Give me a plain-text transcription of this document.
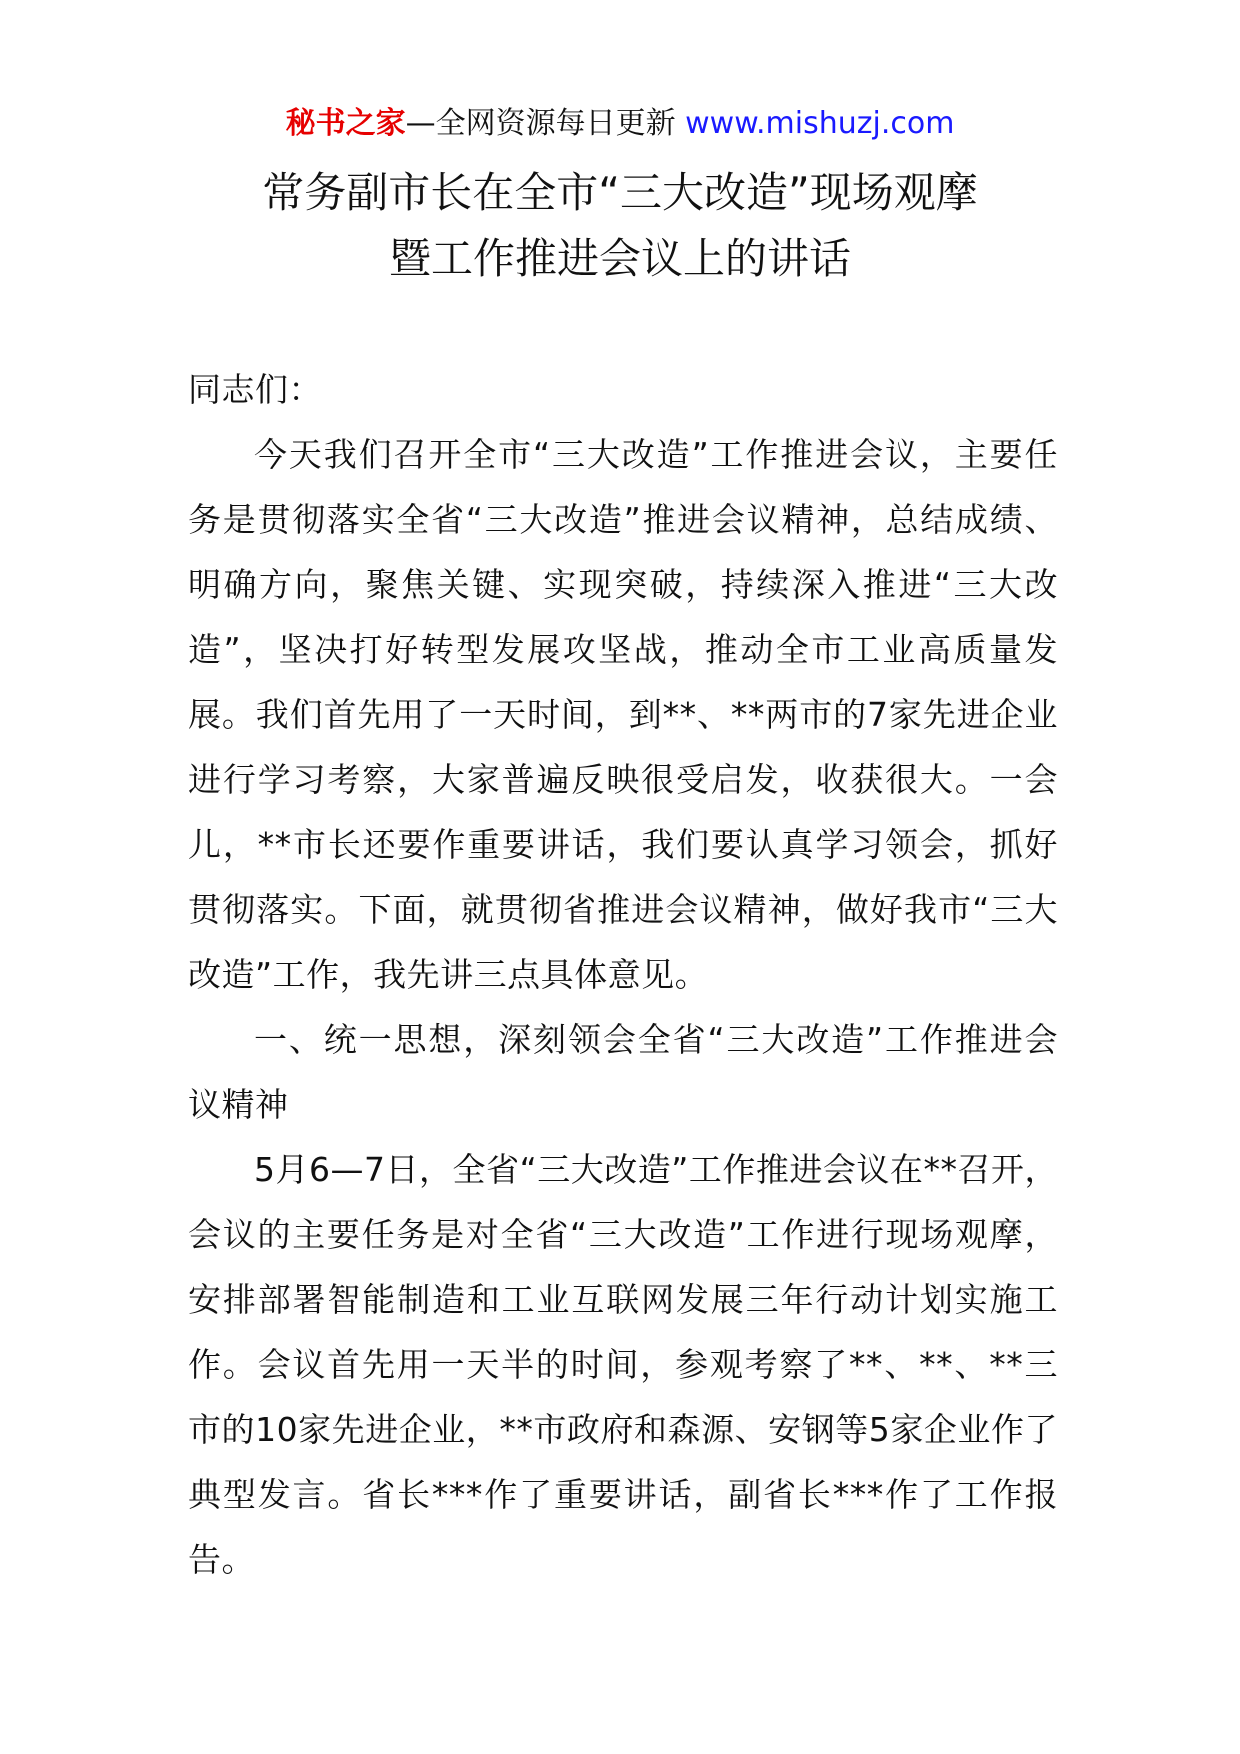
秘书之家—全网资源每日更新 www.mishuzj.com
常务副市长在全市“三大改造”现场观摩
暨工作推进会议上的讲话

同志们：

今天我们召开全市“三大改造”工作推进会议，主要任务是贯彻落实全省“三大改造”推进会议精神，总结成绩、明确方向，聚焦关键、实现突破，持续深入推进“三大改造”，坚决打好转型发展攻坚战，推动全市工业高质量发展。我们首先用了一天时间，到**、**两市的7家先进企业进行学习考察，大家普遍反映很受启发，收获很大。一会儿，**市长还要作重要讲话，我们要认真学习领会，抓好贯彻落实。下面，就贯彻省推进会议精神，做好我市“三大改造”工作，我先讲三点具体意见。

一、统一思想，深刻领会全省“三大改造”工作推进会议精神

5月6—7日，全省“三大改造”工作推进会议在**召开，会议的主要任务是对全省“三大改造”工作进行现场观摩，安排部署智能制造和工业互联网发展三年行动计划实施工作。会议首先用一天半的时间，参观考察了**、**、**三市的10家先进企业，**市政府和森源、安钢等5家企业作了典型发言。省长***作了重要讲话，副省长***作了工作报告。
